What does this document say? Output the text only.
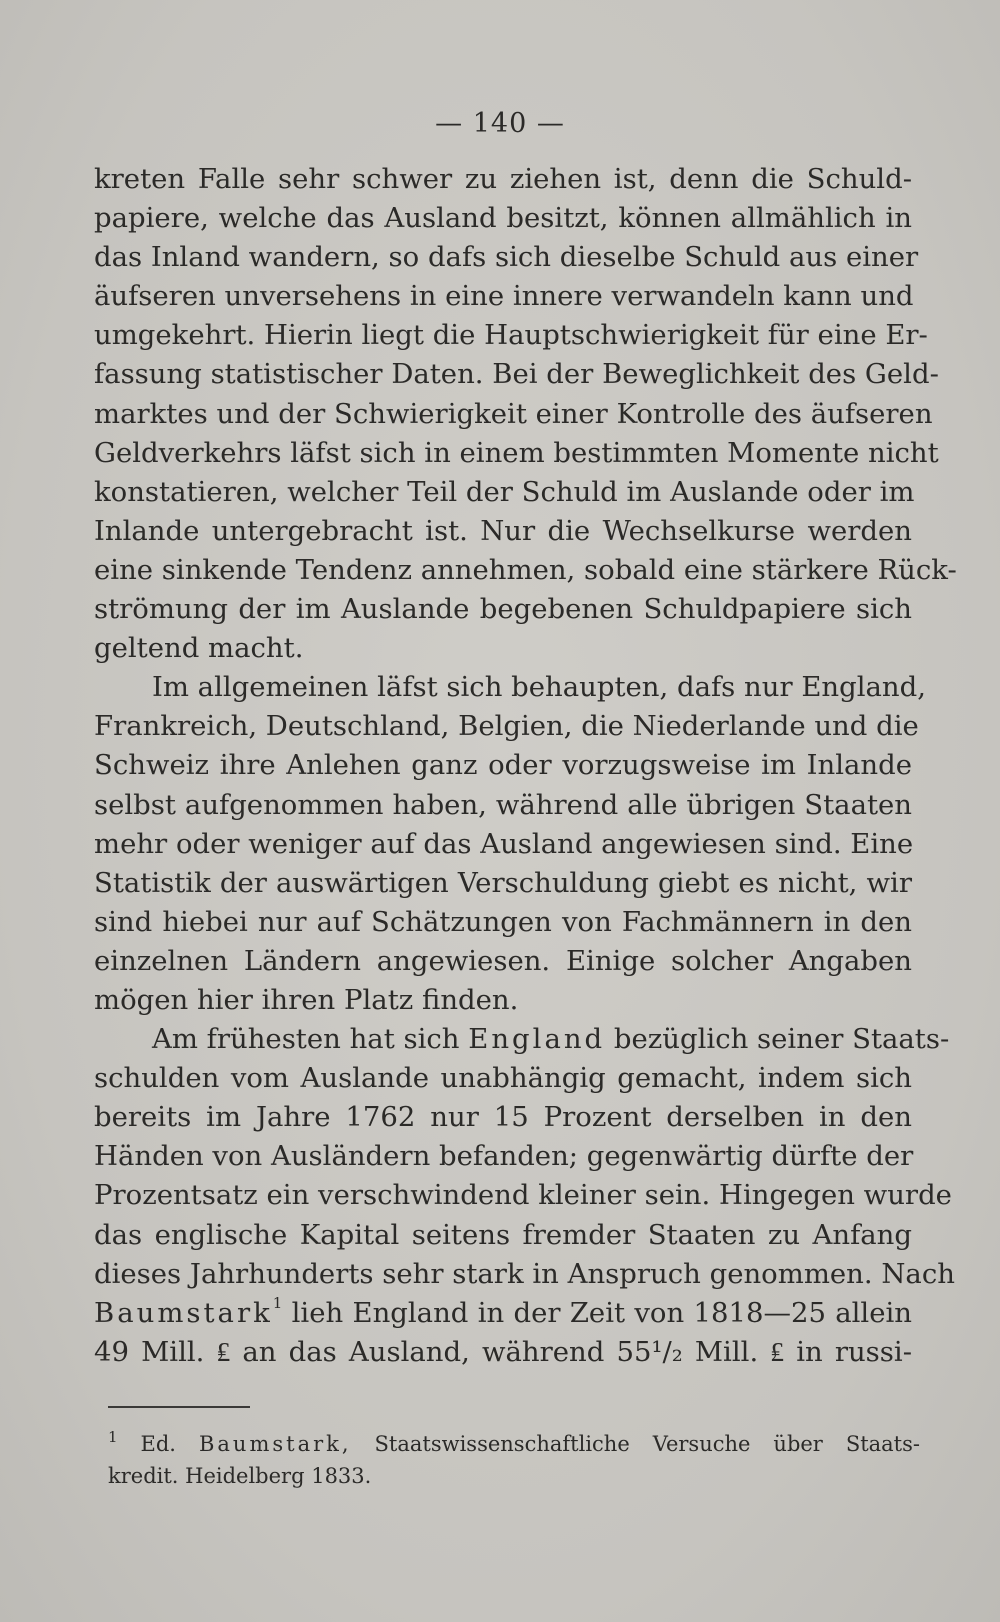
— 140 —
kreten Falle sehr schwer zu ziehen ist, denn die Schuld-
papiere, welche das Ausland besitzt, können allmählich in
das Inland wandern, so dafs sich dieselbe Schuld aus einer
äufseren unversehens in eine innere verwandeln kann und
umgekehrt. Hierin liegt die Hauptschwierigkeit für eine Er-
fassung statistischer Daten. Bei der Beweglichkeit des Geld-
marktes und der Schwierigkeit einer Kontrolle des äufseren
Geldverkehrs läfst sich in einem bestimmten Momente nicht
konstatieren, welcher Teil der Schuld im Auslande oder im
Inlande untergebracht ist. Nur die Wechselkurse werden
eine sinkende Tendenz annehmen, sobald eine stärkere Rück-
strömung der im Auslande begebenen Schuldpapiere sich
geltend macht.
Im allgemeinen läfst sich behaupten, dafs nur England,
Frankreich, Deutschland, Belgien, die Niederlande und die
Schweiz ihre Anlehen ganz oder vorzugsweise im Inlande
selbst aufgenommen haben, während alle übrigen Staaten
mehr oder weniger auf das Ausland angewiesen sind. Eine
Statistik der auswärtigen Verschuldung giebt es nicht, wir
sind hiebei nur auf Schätzungen von Fachmännern in den
einzelnen Ländern angewiesen. Einige solcher Angaben
mögen hier ihren Platz finden.
Am frühesten hat sich England bezüglich seiner Staats-
schulden vom Auslande unabhängig gemacht, indem sich
bereits im Jahre 1762 nur 15 Prozent derselben in den
Händen von Ausländern befanden; gegenwärtig dürfte der
Prozentsatz ein verschwindend kleiner sein. Hingegen wurde
das englische Kapital seitens fremder Staaten zu Anfang
dieses Jahrhunderts sehr stark in Anspruch genommen. Nach
Baumstark$^1$ lieh England in der Zeit von 1818—25 allein
49 Mill. ₤ an das Ausland, während 55¹/₂ Mill. ₤ in russi-
$^1$ Ed. Baumstark, Staatswissenschaftliche Versuche über Staats-
kredit. Heidelberg 1833.
